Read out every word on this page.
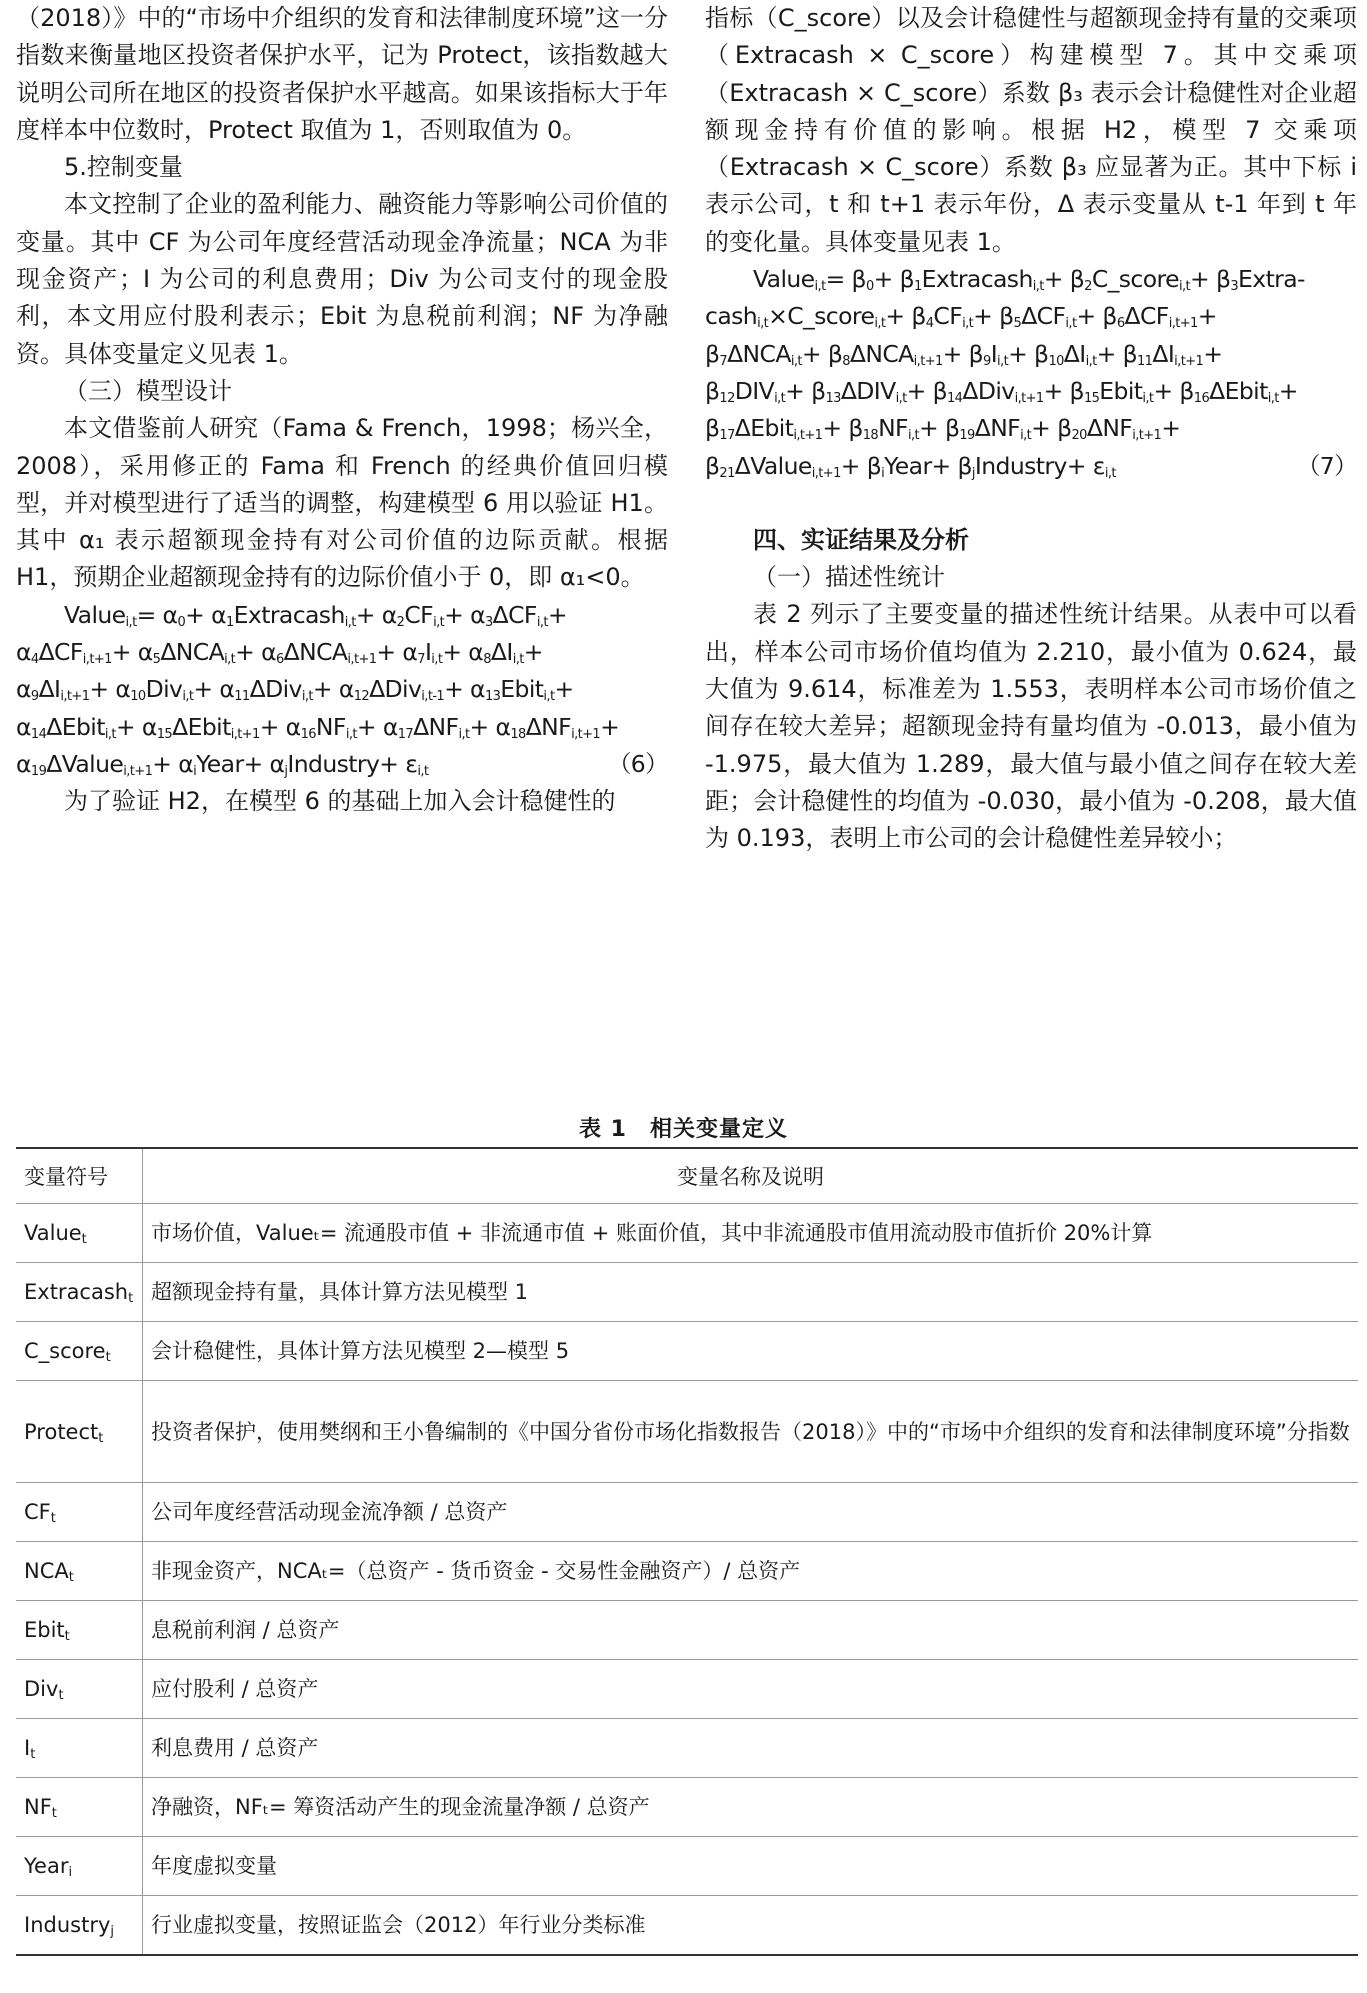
（2018）》中的“市场中介组织的发育和法律制度环境”这一分指数来衡量地区投资者保护水平，记为 Protect，该指数越大说明公司所在地区的投资者保护水平越高。如果该指标大于年度样本中位数时，Protect 取值为 1，否则取值为 0。

5.控制变量

本文控制了企业的盈利能力、融资能力等影响公司价值的变量。其中 CF 为公司年度经营活动现金净流量；NCA 为非现金资产；I 为公司的利息费用；Div 为公司支付的现金股利，本文用应付股利表示；Ebit 为息税前利润；NF 为净融资。具体变量定义见表 1。

（三）模型设计

本文借鉴前人研究（Fama & French，1998；杨兴全，2008），采用修正的 Fama 和 French 的经典价值回归模型，并对模型进行了适当的调整，构建模型 6 用以验证 H1。其中 α₁ 表示超额现金持有对公司价值的边际贡献。根据 H1，预期企业超额现金持有的边际价值小于 0，即 α₁<0。

Value$_{i,t}$= $\alpha_0+$ $\alpha_1Extracash_{i,t}+ \alpha_2CF_{i,t}+ \alpha_3\Delta CF_{i,t}+$
$\alpha_4\Delta CF_{i,t+1}+ \alpha_5\Delta NCA_{i,t}+ \alpha_6\Delta NCA_{i,t+1}+ \alpha_7I_{i,t}+ \alpha_8\Delta I_{i,t}+$
$\alpha_9\Delta I_{i,t+1}+ \alpha_{10}Div_{i,t}+ \alpha_{11}\Delta Div_{i,t}+ \alpha_{12}\Delta Div_{i,t-1}+$ $\alpha_{13}Ebit_{i,t}+$
$\alpha_{14}\Delta Ebit_{i,t}+$ $\alpha_{15}\Delta Ebit_{i,t+1}+ \alpha_{16}NF_{i,t}+ \alpha_{17}\Delta NF_{i,t}+ \alpha_{18}\Delta NF_{i,t+1}+$
$\alpha_{19}\Delta Value_{i,t+1}+$ $\alpha_iYear+$ $\alpha_jIndustry+ \varepsilon_{i,t}$	（6）

为了验证 H2，在模型 6 的基础上加入会计稳健性的

指标（C_score）以及会计稳健性与超额现金持有量的交乘项（Extracash × C_score）构建模型 7。其中交乘项（Extracash × C_score）系数 β₃ 表示会计稳健性对企业超额现金持有价值的影响。根据 H2，模型 7 交乘项（Extracash × C_score）系数 β₃ 应显著为正。其中下标 i 表示公司，t 和 t+1 表示年份，Δ 表示变量从 t-1 年到 t 年的变化量。具体变量见表 1。

Value$_{i,t}$= $\beta_0+$ $\beta_1Extracash_{i,t}+$ $\beta_2C\_score_{i,t}+$ $\beta_3Extra-$
cash$_{i,t}$×C_score$_{i,t}$+ $\beta_4CF_{i,t}+ \beta_5\Delta CF_{i,t}+ \beta_6\Delta CF_{i,t+1}+$
$\beta_7\Delta NCA_{i,t}+ \beta_8\Delta NCA_{i,t+1}+ \beta_9I_{i,t}+ \beta_{10}\Delta I_{i,t}+ \beta_{11}\Delta I_{i,t+1}+$
$\beta_{12}DIV_{i,t}+ \beta_{13}\Delta DIV_{i,t}+ \beta_{14}\Delta Div_{i,t+1}+$ $\beta_{15}Ebit_{i,t}+$ $\beta_{16}\Delta Ebit_{i,t}+$
$\beta_{17}\Delta Ebit_{i,t+1}+ \beta_{18}NF_{i,t}+ \beta_{19}\Delta NF_{i,t}+ \beta_{20}\Delta NF_{i,t+1}+$
$\beta_{21}\Delta Value_{i,t+1}+$ $\beta_iYear+$ $\beta_jIndustry+ \varepsilon_{i,t}$	（7）

四、实证结果及分析

（一）描述性统计

表 2 列示了主要变量的描述性统计结果。从表中可以看出，样本公司市场价值均值为 2.210，最小值为 0.624，最大值为 9.614，标准差为 1.553，表明样本公司市场价值之间存在较大差异；超额现金持有量均值为 -0.013，最小值为 -1.975，最大值为 1.289，最大值与最小值之间存在较大差距；会计稳健性的均值为 -0.030，最小值为 -0.208，最大值为 0.193，表明上市公司的会计稳健性差异较小；

表 1　相关变量定义
变量符号	变量名称及说明
Value$_t$	市场价值，Valueₜ= 流通股市值 + 非流通市值 + 账面价值，其中非流通股市值用流动股市值折价 20%计算
Extracash$_t$	超额现金持有量，具体计算方法见模型 1
C_score$_t$	会计稳健性，具体计算方法见模型 2—模型 5
Protect$_t$	投资者保护，使用樊纲和王小鲁编制的《中国分省份市场化指数报告（2018）》中的“市场中介组织的发育和法律制度环境”分指数
$CF_t$	公司年度经营活动现金流净额 / 总资产
$NCA_t$	非现金资产，NCAₜ=（总资产 - 货币资金 - 交易性金融资产）/ 总资产
Ebit$_t$	息税前利润 / 总资产
Div$_t$	应付股利 / 总资产
$I_t$	利息费用 / 总资产
$NF_t$	净融资，NFₜ= 筹资活动产生的现金流量净额 / 总资产
Year$_i$	年度虚拟变量
Industry$_j$	行业虚拟变量，按照证监会（2012）年行业分类标准
